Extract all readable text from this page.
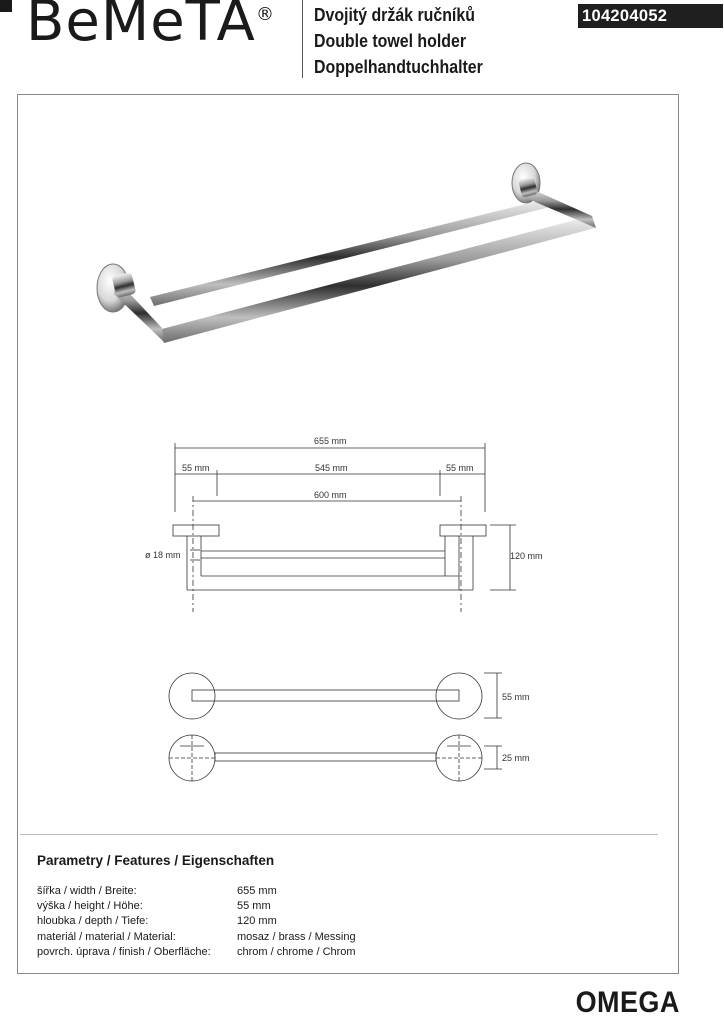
BeMeTA ® Dvojitý držák ručníků
Double towel holder
Doppelhandtuchhalter
104204052
655 mm
55 mm	545 mm	55 mm
600 mm
ø 18 mm	120 mm
55 mm
25 mm
Parametry / Features / Eigenschaften
šířka / width / Breite:	655 mm
výška / height / Höhe:	55 mm
hloubka / depth / Tiefe:	120 mm
materiál / material / Material:	mosaz / brass / Messing
povrch. úprava / finish / Oberfläche:	chrom / chrome / Chrom
OMEGA
